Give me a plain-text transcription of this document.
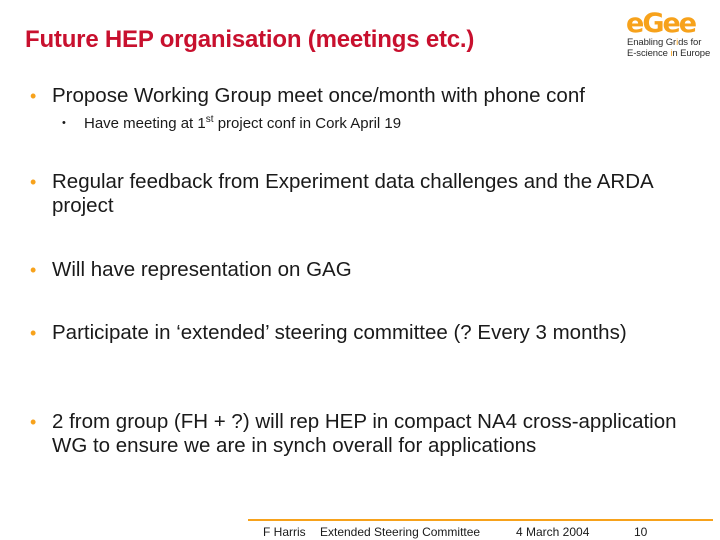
Future HEP organisation (meetings etc.)
eGee
Enabling Grids for
E-science in Europe
• Propose Working Group meet once/month with phone conf
• Have meeting at 1st project conf in Cork April 19
• Regular feedback from Experiment data challenges and the ARDA project
• Will have representation on GAG
• Participate in ‘extended’ steering committee (? Every 3 months)
• 2 from group (FH + ?) will rep HEP in compact NA4 cross-application WG to ensure we are in synch overall for applications
F Harris Extended Steering Committee	4 March 2004	10
